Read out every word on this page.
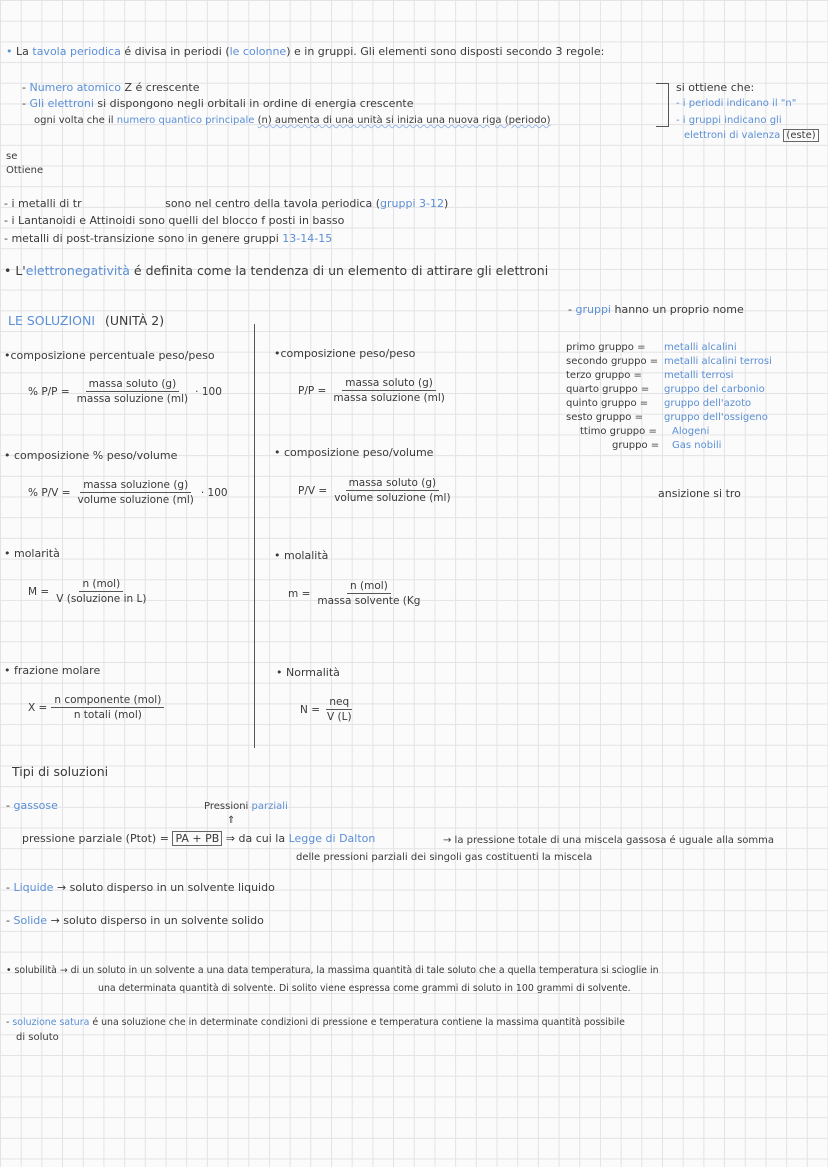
• La tavola periodica é divisa in periodi (le colonne) e in gruppi. Gli elementi sono disposti secondo 3 regole:
- Numero atomico Z é crescente
- Gli elettroni si dispongono negli orbitali in ordine di energia crescente
ogni volta che il numero quantico principale (n) aumenta di una unità si inizia una nuova riga (periodo)
si ottiene che:
- i periodi indicano il "n"
- i gruppi indicano gli
elettroni di valenza (este)
se
Ottiene
- i metalli di tr	sono nel centro della tavola periodica (gruppi 3-12)
- i Lantanoidi e Attinoidi sono quelli del blocco f posti in basso
- metalli di post-transizione sono in genere gruppi 13-14-15
• L'elettronegatività é definita come la tendenza di un elemento di attirare gli elettroni
- gruppi hanno un proprio nome
primo gruppo = metalli alcalini
secondo gruppo = metalli alcalini terrosi
terzo gruppo = metalli terrosi
quarto gruppo = gruppo del carbonio
quinto gruppo = gruppo dell'azoto
sesto gruppo = gruppo dell'ossigeno
ttimo gruppo = Alogeni
gruppo = Gas nobili
ansizione si tro
LE SOLUZIONI (UNITÀ 2)
•composizione percentuale peso/peso
% $P/P = \frac{\text{massa soluto (g)}}{\text{massa soluzione (ml)}} \cdot 100$
• composizione % peso/volume
% $P/V = \frac{\text{massa soluzione (g)}}{\text{volume soluzione (ml)}} \cdot 100$
• molarità
$M = \frac{\text{n (mol)}}{\text{V (soluzione in L)}}$
• frazione molare
$X = \frac{\text{n componente (mol)}}{\text{n totali (mol)}}$
•composizione peso/peso
$P/P = \frac{\text{massa soluto (g)}}{\text{massa soluzione (ml)}}$
• composizione peso/volume
$P/V = \frac{\text{massa soluto (g)}}{\text{volume soluzione (ml)}}$
• molalità
$m = \frac{\text{n (mol)}}{\text{massa solvente (Kg}}$
• Normalità
$N = \frac{\text{neq}}{V (L)}$
Tipi di soluzioni
- gassose	Pressioni parziali
⇑
pressione parziale (Ptot) = PA + PB ⇒ da cui la Legge di Dalton	→ la pressione totale di una miscela gassosa é uguale alla somma
delle pressioni parziali dei singoli gas costituenti la miscela
- Liquide → soluto disperso in un solvente liquido
- Solide → soluto disperso in un solvente solido
• solubilità → di un soluto in un solvente a una data temperatura, la massima quantità di tale soluto che a quella temperatura si scioglie in
una determinata quantità di solvente. Di solito viene espressa come grammi di soluto in 100 grammi di solvente.
- soluzione satura é una soluzione che in determinate condizioni di pressione e temperatura contiene la massima quantità possibile
di soluto
